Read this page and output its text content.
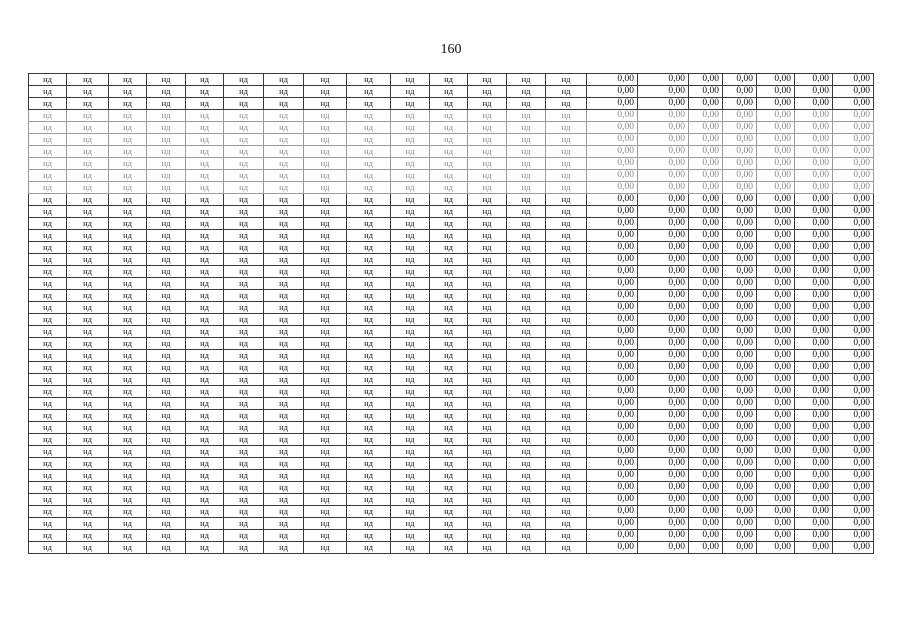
160
нд	нд	нд	нд	нд	нд	нд	нд	нд	нд	нд	нд	нд	нд	0,00	0,00	0,00	0,00	0,00	0,00	0,00
нд	нд	нд	нд	нд	нд	нд	нд	нд	нд	нд	нд	нд	нд	0,00	0,00	0,00	0,00	0,00	0,00	0,00
нд	нд	нд	нд	нд	нд	нд	нд	нд	нд	нд	нд	нд	нд	0,00	0,00	0,00	0,00	0,00	0,00	0,00
нд	нд	нд	нд	нд	нд	нд	нд	нд	нд	нд	нд	нд	нд	0,00	0,00	0,00	0,00	0,00	0,00	0,00
нд	нд	нд	нд	нд	нд	нд	нд	нд	нд	нд	нд	нд	нд	0,00	0,00	0,00	0,00	0,00	0,00	0,00
нд	нд	нд	нд	нд	нд	нд	нд	нд	нд	нд	нд	нд	нд	0,00	0,00	0,00	0,00	0,00	0,00	0,00
нд	нд	нд	нд	нд	нд	нд	нд	нд	нд	нд	нд	нд	нд	0,00	0,00	0,00	0,00	0,00	0,00	0,00
нд	нд	нд	нд	нд	нд	нд	нд	нд	нд	нд	нд	нд	нд	0,00	0,00	0,00	0,00	0,00	0,00	0,00
нд	нд	нд	нд	нд	нд	нд	нд	нд	нд	нд	нд	нд	нд	0,00	0,00	0,00	0,00	0,00	0,00	0,00
нд	нд	нд	нд	нд	нд	нд	нд	нд	нд	нд	нд	нд	нд	0,00	0,00	0,00	0,00	0,00	0,00	0,00
нд	нд	нд	нд	нд	нд	нд	нд	нд	нд	нд	нд	нд	нд	0,00	0,00	0,00	0,00	0,00	0,00	0,00
нд	нд	нд	нд	нд	нд	нд	нд	нд	нд	нд	нд	нд	нд	0,00	0,00	0,00	0,00	0,00	0,00	0,00
нд	нд	нд	нд	нд	нд	нд	нд	нд	нд	нд	нд	нд	нд	0,00	0,00	0,00	0,00	0,00	0,00	0,00
нд	нд	нд	нд	нд	нд	нд	нд	нд	нд	нд	нд	нд	нд	0,00	0,00	0,00	0,00	0,00	0,00	0,00
нд	нд	нд	нд	нд	нд	нд	нд	нд	нд	нд	нд	нд	нд	0,00	0,00	0,00	0,00	0,00	0,00	0,00
нд	нд	нд	нд	нд	нд	нд	нд	нд	нд	нд	нд	нд	нд	0,00	0,00	0,00	0,00	0,00	0,00	0,00
нд	нд	нд	нд	нд	нд	нд	нд	нд	нд	нд	нд	нд	нд	0,00	0,00	0,00	0,00	0,00	0,00	0,00
нд	нд	нд	нд	нд	нд	нд	нд	нд	нд	нд	нд	нд	нд	0,00	0,00	0,00	0,00	0,00	0,00	0,00
нд	нд	нд	нд	нд	нд	нд	нд	нд	нд	нд	нд	нд	нд	0,00	0,00	0,00	0,00	0,00	0,00	0,00
нд	нд	нд	нд	нд	нд	нд	нд	нд	нд	нд	нд	нд	нд	0,00	0,00	0,00	0,00	0,00	0,00	0,00
нд	нд	нд	нд	нд	нд	нд	нд	нд	нд	нд	нд	нд	нд	0,00	0,00	0,00	0,00	0,00	0,00	0,00
нд	нд	нд	нд	нд	нд	нд	нд	нд	нд	нд	нд	нд	нд	0,00	0,00	0,00	0,00	0,00	0,00	0,00
нд	нд	нд	нд	нд	нд	нд	нд	нд	нд	нд	нд	нд	нд	0,00	0,00	0,00	0,00	0,00	0,00	0,00
нд	нд	нд	нд	нд	нд	нд	нд	нд	нд	нд	нд	нд	нд	0,00	0,00	0,00	0,00	0,00	0,00	0,00
нд	нд	нд	нд	нд	нд	нд	нд	нд	нд	нд	нд	нд	нд	0,00	0,00	0,00	0,00	0,00	0,00	0,00
нд	нд	нд	нд	нд	нд	нд	нд	нд	нд	нд	нд	нд	нд	0,00	0,00	0,00	0,00	0,00	0,00	0,00
нд	нд	нд	нд	нд	нд	нд	нд	нд	нд	нд	нд	нд	нд	0,00	0,00	0,00	0,00	0,00	0,00	0,00
нд	нд	нд	нд	нд	нд	нд	нд	нд	нд	нд	нд	нд	нд	0,00	0,00	0,00	0,00	0,00	0,00	0,00
нд	нд	нд	нд	нд	нд	нд	нд	нд	нд	нд	нд	нд	нд	0,00	0,00	0,00	0,00	0,00	0,00	0,00
нд	нд	нд	нд	нд	нд	нд	нд	нд	нд	нд	нд	нд	нд	0,00	0,00	0,00	0,00	0,00	0,00	0,00
нд	нд	нд	нд	нд	нд	нд	нд	нд	нд	нд	нд	нд	нд	0,00	0,00	0,00	0,00	0,00	0,00	0,00
нд	нд	нд	нд	нд	нд	нд	нд	нд	нд	нд	нд	нд	нд	0,00	0,00	0,00	0,00	0,00	0,00	0,00
нд	нд	нд	нд	нд	нд	нд	нд	нд	нд	нд	нд	нд	нд	0,00	0,00	0,00	0,00	0,00	0,00	0,00
нд	нд	нд	нд	нд	нд	нд	нд	нд	нд	нд	нд	нд	нд	0,00	0,00	0,00	0,00	0,00	0,00	0,00
нд	нд	нд	нд	нд	нд	нд	нд	нд	нд	нд	нд	нд	нд	0,00	0,00	0,00	0,00	0,00	0,00	0,00
нд	нд	нд	нд	нд	нд	нд	нд	нд	нд	нд	нд	нд	нд	0,00	0,00	0,00	0,00	0,00	0,00	0,00
нд	нд	нд	нд	нд	нд	нд	нд	нд	нд	нд	нд	нд	нд	0,00	0,00	0,00	0,00	0,00	0,00	0,00
нд	нд	нд	нд	нд	нд	нд	нд	нд	нд	нд	нд	нд	нд	0,00	0,00	0,00	0,00	0,00	0,00	0,00
нд	нд	нд	нд	нд	нд	нд	нд	нд	нд	нд	нд	нд	нд	0,00	0,00	0,00	0,00	0,00	0,00	0,00
нд	нд	нд	нд	нд	нд	нд	нд	нд	нд	нд	нд	нд	нд	0,00	0,00	0,00	0,00	0,00	0,00	0,00
